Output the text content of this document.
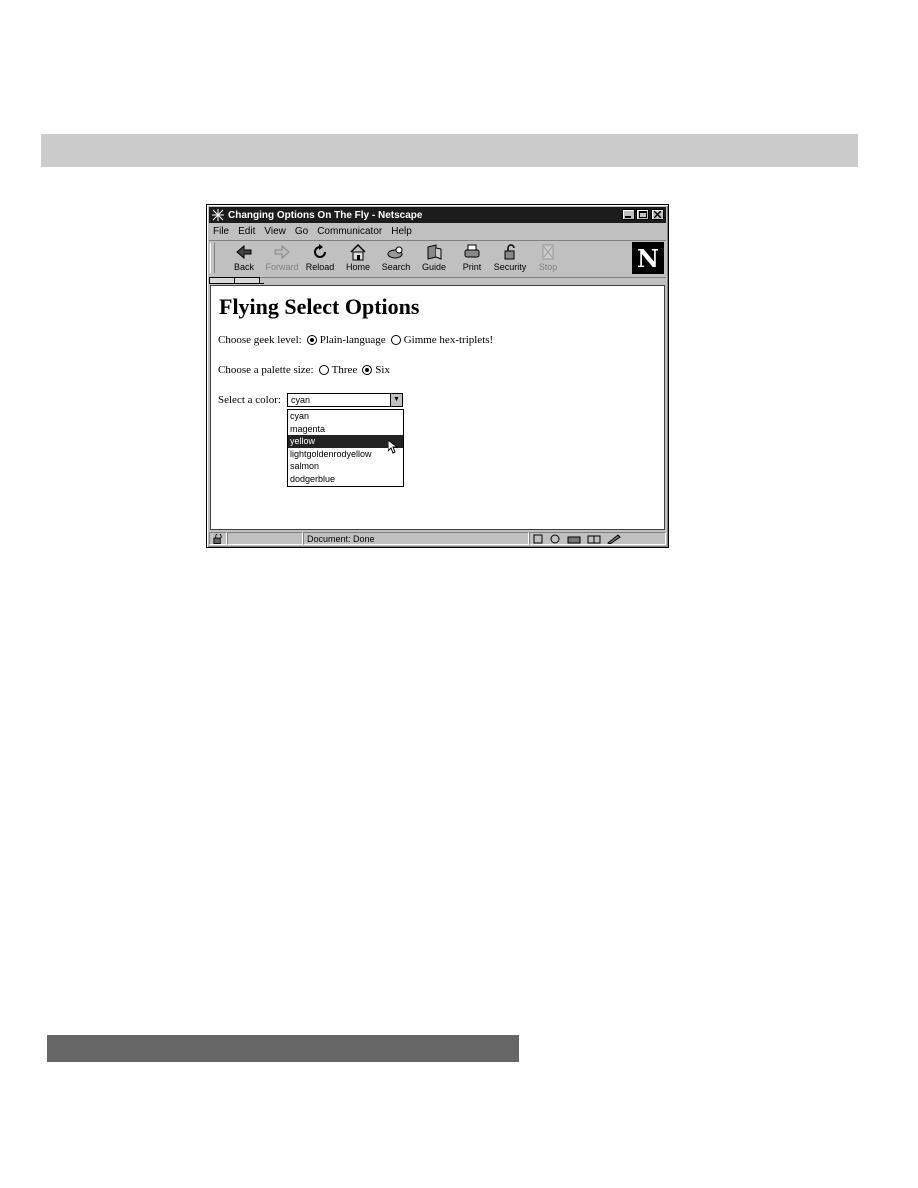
Changing Options On The Fly - Netscape
File Edit View Go Communicator Help
Back Forward Reload Home Search Guide Print Security Stop	N
Flying Select Options
Choose geek level: Plain-language Gimme hex-triplets!
Choose a palette size: Three Six
Select a color:	cyan	▼
cyan
magenta
yellow
lightgoldenrodyellow
salmon
dodgerblue
Document: Done
